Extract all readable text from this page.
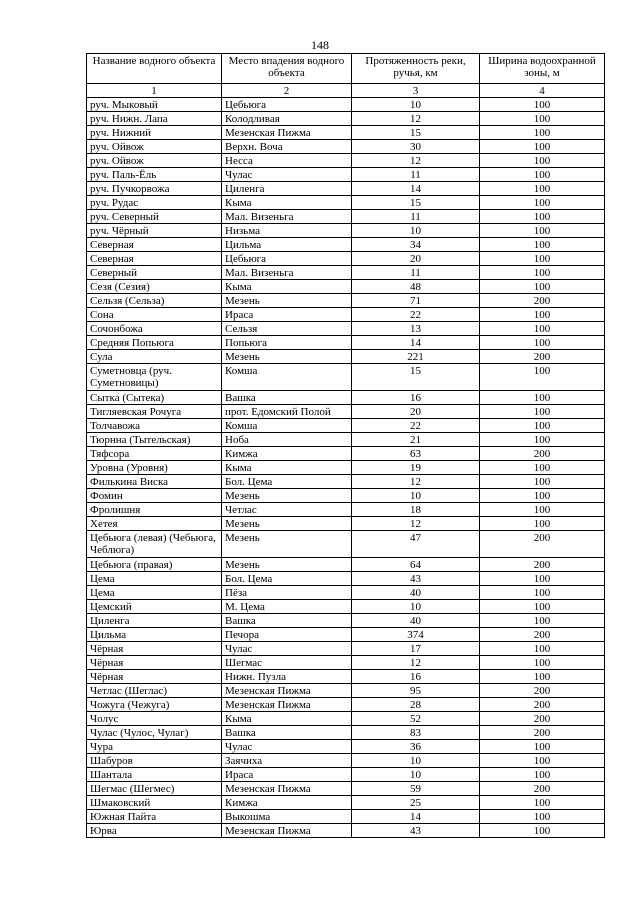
148
Название водного объекта	Место впадения водного объекта	Протяженность реки, ручья, км	Ширина водоохранной зоны, м
1	2	3	4
руч. Мыковый	Цебьюга	10	100
руч. Нижн. Лапа	Колодливая	12	100
руч. Нижний	Мезенская Пижма	15	100
руч. Ойвож	Верхн. Воча	30	100
руч. Ойвож	Несса	12	100
руч. Паль-Ёль	Чулас	11	100
руч. Пучкорвожа	Циленга	14	100
руч. Рудас	Кыма	15	100
руч. Северный	Мал. Визеньга	11	100
руч. Чёрный	Низьма	10	100
Северная	Цильма	34	100
Северная	Цебьюга	20	100
Северный	Мал. Визеньга	11	100
Сезя (Сезия)	Кыма	48	100
Сельзя (Сельза)	Мезень	71	200
Сона	Ираса	22	100
Сочонбожа	Сельзя	13	100
Средняя Попьюга	Попьюга	14	100
Сула	Мезень	221	200
Суметновца (руч. Суметновицы)	Комша	15	100
Сытка (Сытека)	Вашка	16	100
Тигляевская Рочуга	прот. Едомский Полой	20	100
Толчавожа	Комша	22	100
Тюрнна (Тытельская)	Ноба	21	100
Тяфсора	Кимжа	63	200
Уровна (Уровня)	Кыма	19	100
Филькина Виска	Бол. Цема	12	100
Фомин	Мезень	10	100
Фролишня	Четлас	18	100
Хетея	Мезень	12	100
Цебьюга (левая) (Чебьюга, Чеблюга)	Мезень	47	200
Цебьюга (правая)	Мезень	64	200
Цема	Бол. Цема	43	100
Цема	Пёза	40	100
Цемский	М. Цема	10	100
Циленга	Вашка	40	100
Цильма	Печора	374	200
Чёрная	Чулас	17	100
Чёрная	Шегмас	12	100
Чёрная	Нижн. Пузла	16	100
Четлас (Шеглас)	Мезенская Пижма	95	200
Чожуга (Чежуга)	Мезенская Пижма	28	200
Чолус	Кыма	52	200
Чулас (Чулос, Чулаг)	Вашка	83	200
Чура	Чулас	36	100
Шабуров	Заячиха	10	100
Шантала	Ираса	10	100
Шегмас (Шегмес)	Мезенская Пижма	59	200
Шмаковский	Кимжа	25	100
Южная Пайта	Выкошма	14	100
Юрва	Мезенская Пижма	43	100
